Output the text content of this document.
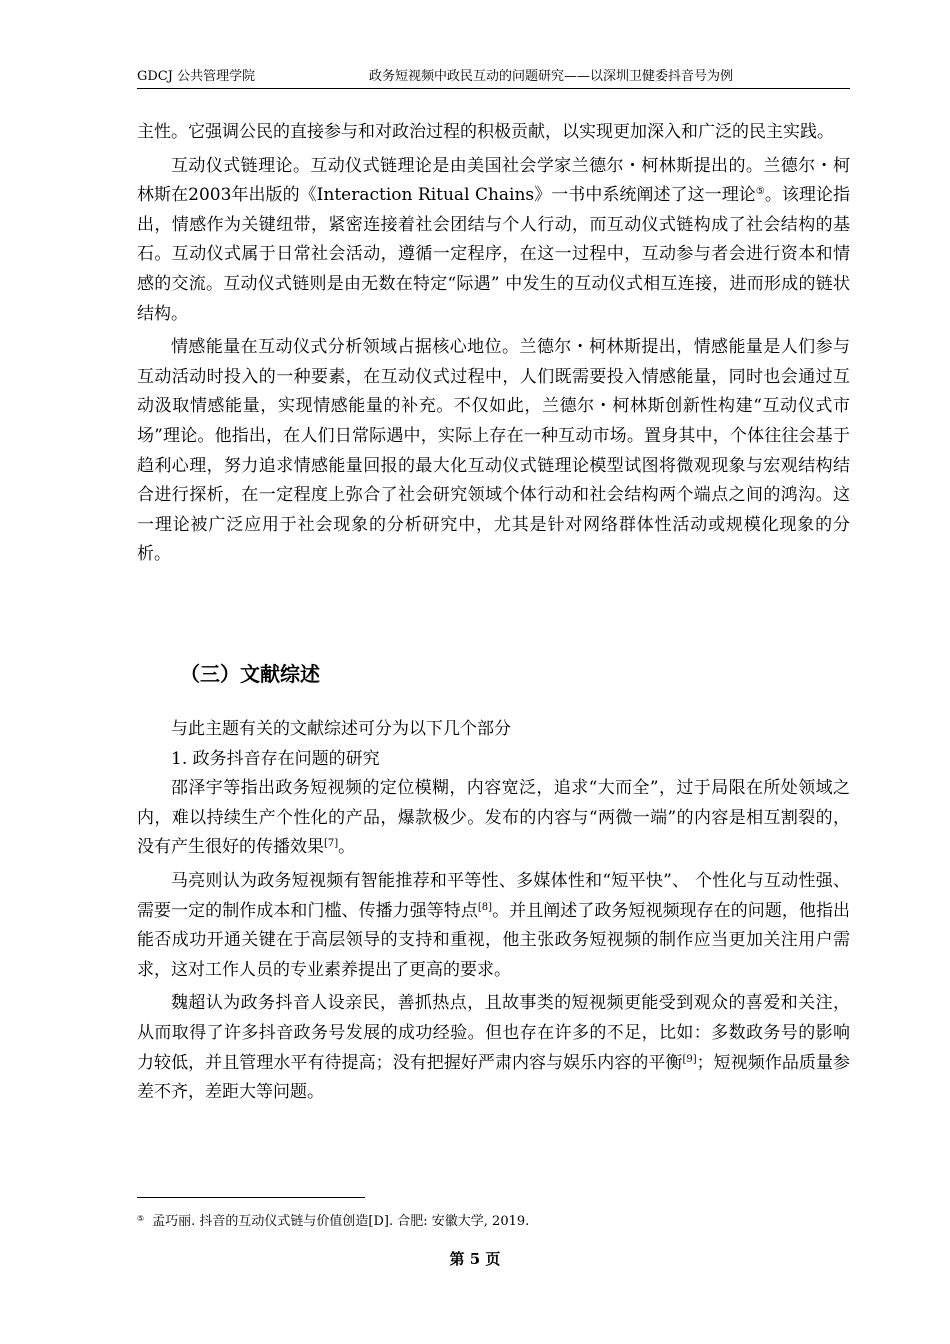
GDCJ 公共管理学院	政务短视频中政民互动的问题研究——以深圳卫健委抖音号为例

主性。它强调公民的直接参与和对政治过程的积极贡献，以实现更加深入和广泛的民主实践。

互动仪式链理论。互动仪式链理论是由美国社会学家兰德尔・柯林斯提出的。兰德尔・柯林斯在2003年出版的《Interaction Ritual Chains》一书中系统阐述了这一理论⑤。该理论指出，情感作为关键纽带，紧密连接着社会团结与个人行动，而互动仪式链构成了社会结构的基石。互动仪式属于日常社会活动，遵循一定程序，在这一过程中，互动参与者会进行资本和情感的交流。互动仪式链则是由无数在特定“际遇” 中发生的互动仪式相互连接，进而形成的链状结构。

情感能量在互动仪式分析领域占据核心地位。兰德尔・柯林斯提出，情感能量是人们参与互动活动时投入的一种要素，在互动仪式过程中，人们既需要投入情感能量，同时也会通过互动汲取情感能量，实现情感能量的补充。不仅如此，兰德尔・柯林斯创新性构建“互动仪式市场”理论。他指出，在人们日常际遇中，实际上存在一种互动市场。置身其中，个体往往会基于趋利心理，努力追求情感能量回报的最大化互动仪式链理论模型试图将微观现象与宏观结构结合进行探析，在一定程度上弥合了社会研究领域个体行动和社会结构两个端点之间的鸿沟。这一理论被广泛应用于社会现象的分析研究中，尤其是针对网络群体性活动或规模化现象的分析。

（三）文献综述

与此主题有关的文献综述可分为以下几个部分

1. 政务抖音存在问题的研究

邵泽宇等指出政务短视频的定位模糊，内容宽泛，追求“大而全”，过于局限在所处领域之内，难以持续生产个性化的产品，爆款极少。发布的内容与“两微一端”的内容是相互割裂的，没有产生很好的传播效果[7]。

马亮则认为政务短视频有智能推荐和平等性、多媒体性和“短平快”、 个性化与互动性强、需要一定的制作成本和门槛、传播力强等特点[8]。并且阐述了政务短视频现存在的问题，他指出能否成功开通关键在于高层领导的支持和重视，他主张政务短视频的制作应当更加关注用户需求，这对工作人员的专业素养提出了更高的要求。

魏超认为政务抖音人设亲民，善抓热点，且故事类的短视频更能受到观众的喜爱和关注，从而取得了许多抖音政务号发展的成功经验。但也存在许多的不足，比如：多数政务号的影响力较低，并且管理水平有待提高；没有把握好严肃内容与娱乐内容的平衡[9]；短视频作品质量参差不齐，差距大等问题。

⑤ 孟巧丽. 抖音的互动仪式链与价值创造[D]. 合肥: 安徽大学, 2019.
第 5 页
